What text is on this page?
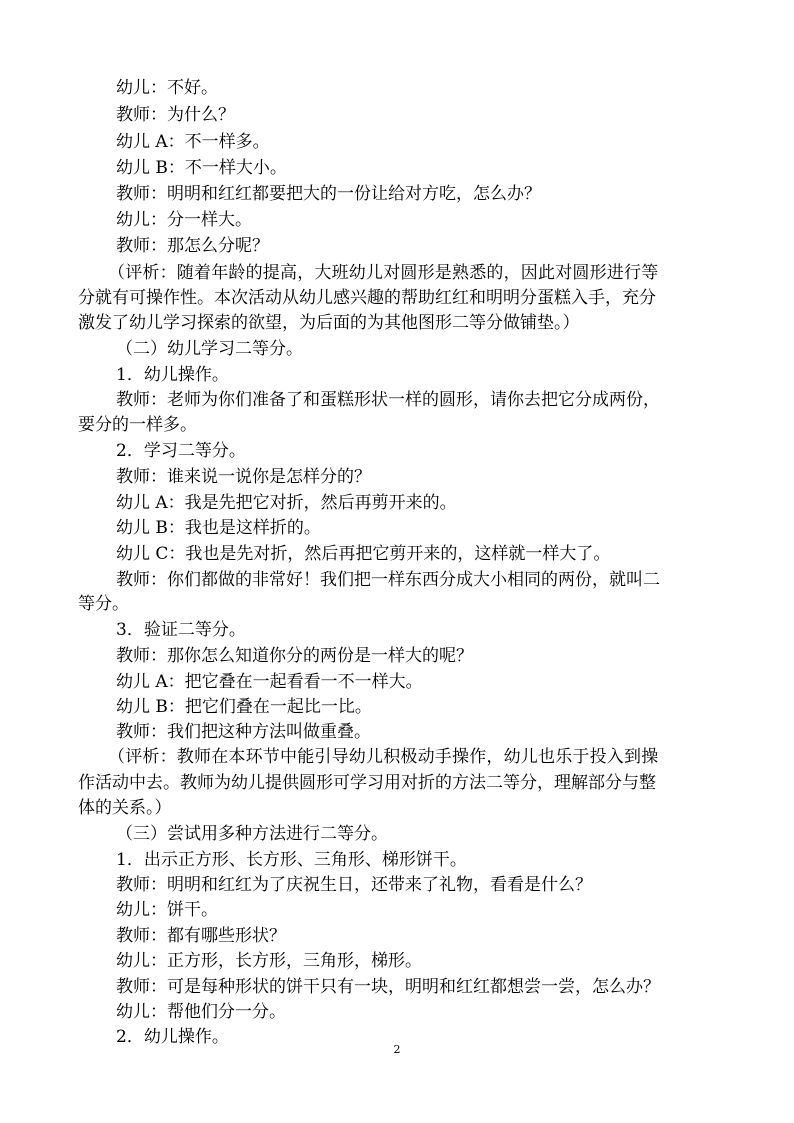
幼儿：不好。
教师：为什么？
幼儿 A：不一样多。
幼儿 B：不一样大小。
教师：明明和红红都要把大的一份让给对方吃，怎么办？
幼儿：分一样大。
教师：那怎么分呢？
（评析：随着年龄的提高，大班幼儿对圆形是熟悉的，因此对圆形进行等
分就有可操作性。本次活动从幼儿感兴趣的帮助红红和明明分蛋糕入手，充分
激发了幼儿学习探索的欲望，为后面的为其他图形二等分做铺垫。）
（二）幼儿学习二等分。
1．幼儿操作。
教师：老师为你们准备了和蛋糕形状一样的圆形，请你去把它分成两份，
要分的一样多。
2．学习二等分。
教师：谁来说一说你是怎样分的？
幼儿 A：我是先把它对折，然后再剪开来的。
幼儿 B：我也是这样折的。
幼儿 C：我也是先对折，然后再把它剪开来的，这样就一样大了。
教师：你们都做的非常好！我们把一样东西分成大小相同的两份，就叫二
等分。
3．验证二等分。
教师：那你怎么知道你分的两份是一样大的呢？
幼儿 A：把它叠在一起看看一不一样大。
幼儿 B：把它们叠在一起比一比。
教师：我们把这种方法叫做重叠。
（评析：教师在本环节中能引导幼儿积极动手操作，幼儿也乐于投入到操
作活动中去。教师为幼儿提供圆形可学习用对折的方法二等分，理解部分与整
体的关系。）
（三）尝试用多种方法进行二等分。
1．出示正方形、长方形、三角形、梯形饼干。
教师：明明和红红为了庆祝生日，还带来了礼物，看看是什么？
幼儿：饼干。
教师：都有哪些形状？
幼儿：正方形，长方形，三角形，梯形。
教师：可是每种形状的饼干只有一块，明明和红红都想尝一尝，怎么办？
幼儿：帮他们分一分。
2．幼儿操作。
2
